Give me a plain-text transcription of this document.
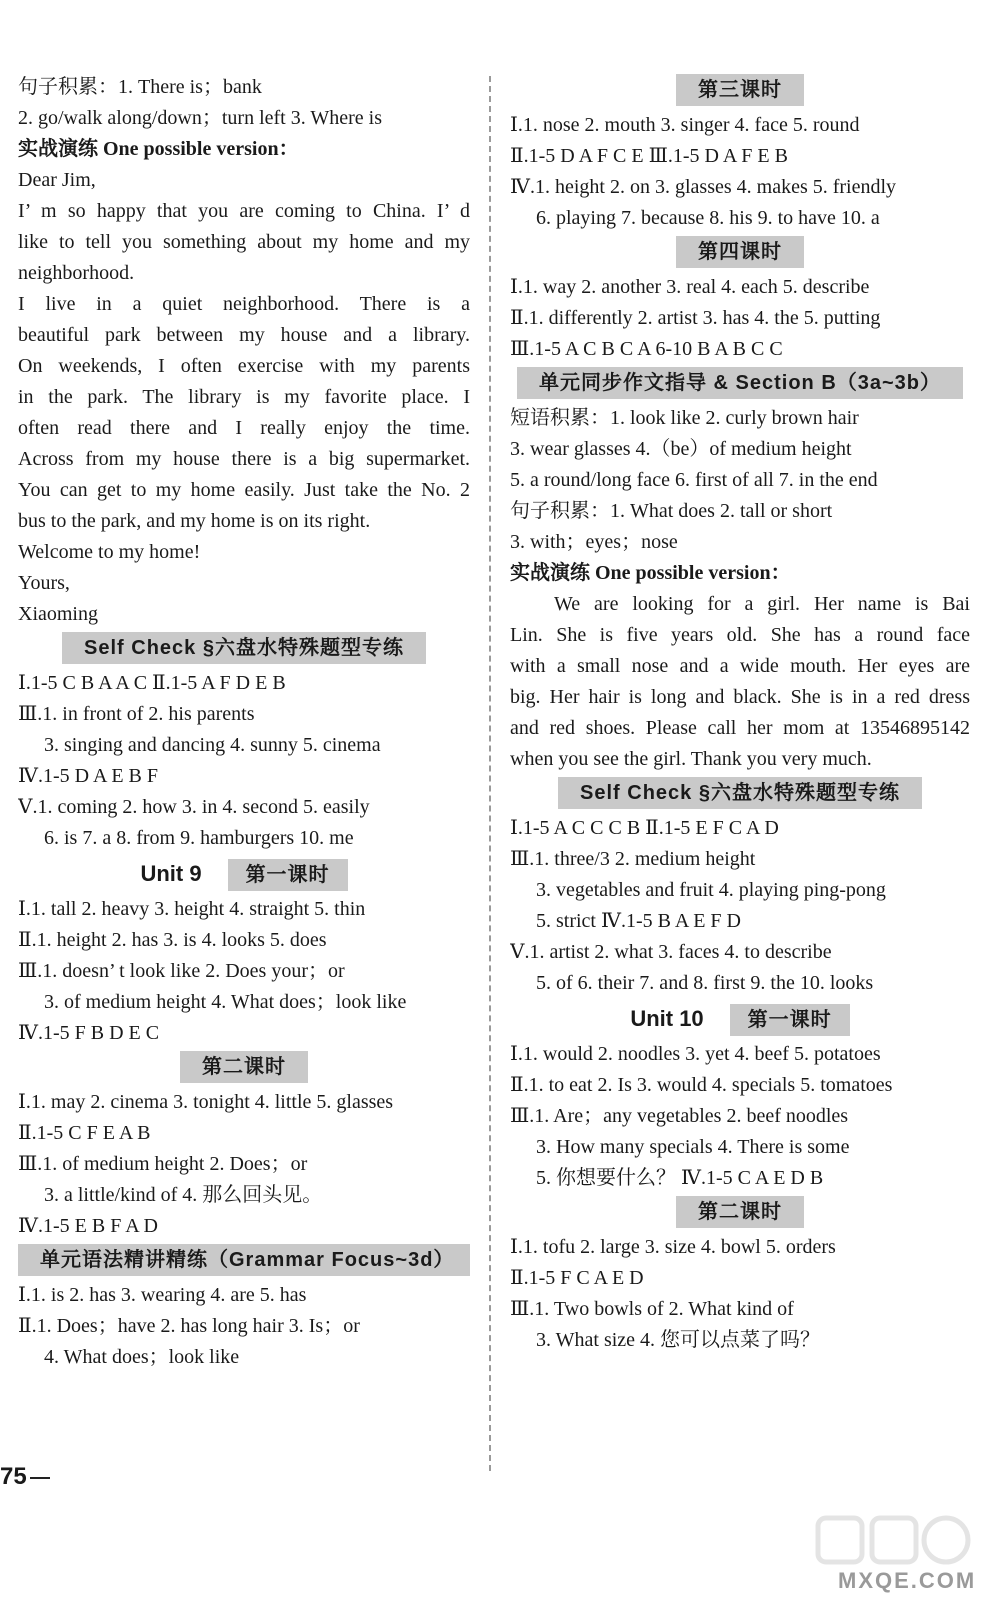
句子积累：1. There is；bank
2. go/walk along/down；turn left 3. Where is
实战演练 One possible version：
Dear Jim,
I’ m so happy that you are coming to China. I’ d
like to tell you something about my home and my
neighborhood.
I live in a quiet neighborhood. There is a
beautiful park between my house and a library.
On weekends, I often exercise with my parents
in the park. The library is my favorite place. I
often read there and I really enjoy the time.
Across from my house there is a big supermarket.
You can get to my home easily. Just take the No. 2
bus to the park, and my home is on its right.
Welcome to my home!
Yours,
Xiaoming
Self Check §六盘水特殊题型专练
Ⅰ.1-5 C B A A C Ⅱ.1-5 A F D E B
Ⅲ.1. in front of 2. his parents
3. singing and dancing 4. sunny 5. cinema
Ⅳ.1-5 D A E B F
Ⅴ.1. coming 2. how 3. in 4. second 5. easily
6. is 7. a 8. from 9. hamburgers 10. me
Unit 9 第一课时
Ⅰ.1. tall 2. heavy 3. height 4. straight 5. thin
Ⅱ.1. height 2. has 3. is 4. looks 5. does
Ⅲ.1. doesn’ t look like 2. Does your；or
3. of medium height 4. What does；look like
Ⅳ.1-5 F B D E C
第二课时
Ⅰ.1. may 2. cinema 3. tonight 4. little 5. glasses
Ⅱ.1-5 C F E A B
Ⅲ.1. of medium height 2. Does；or
3. a little/kind of 4. 那么回头见。
Ⅳ.1-5 E B F A D
单元语法精讲精练（Grammar Focus~3d）
Ⅰ.1. is 2. has 3. wearing 4. are 5. has
Ⅱ.1. Does；have 2. has long hair 3. Is；or
4. What does；look like
第三课时
Ⅰ.1. nose 2. mouth 3. singer 4. face 5. round
Ⅱ.1-5 D A F C E Ⅲ.1-5 D A F E B
Ⅳ.1. height 2. on 3. glasses 4. makes 5. friendly
6. playing 7. because 8. his 9. to have 10. a
第四课时
Ⅰ.1. way 2. another 3. real 4. each 5. describe
Ⅱ.1. differently 2. artist 3. has 4. the 5. putting
Ⅲ.1-5 A C B C A 6-10 B A B C C
单元同步作文指导 & Section B（3a~3b）
短语积累：1. look like 2. curly brown hair
3. wear glasses 4.（be）of medium height
5. a round/long face 6. first of all 7. in the end
句子积累：1. What does 2. tall or short
3. with；eyes；nose
实战演练 One possible version：
We are looking for a girl. Her name is Bai
Lin. She is five years old. She has a round face
with a small nose and a wide mouth. Her eyes are
big. Her hair is long and black. She is in a red dress
and red shoes. Please call her mom at 13546895142
when you see the girl. Thank you very much.
Self Check §六盘水特殊题型专练
Ⅰ.1-5 A C C C B Ⅱ.1-5 E F C A D
Ⅲ.1. three/3 2. medium height
3. vegetables and fruit 4. playing ping-pong
5. strict Ⅳ.1-5 B A E F D
Ⅴ.1. artist 2. what 3. faces 4. to describe
5. of 6. their 7. and 8. first 9. the 10. looks
Unit 10 第一课时
Ⅰ.1. would 2. noodles 3. yet 4. beef 5. potatoes
Ⅱ.1. to eat 2. Is 3. would 4. specials 5. tomatoes
Ⅲ.1. Are；any vegetables 2. beef noodles
3. How many specials 4. There is some
5. 你想要什么？ Ⅳ.1-5 C A E D B
第二课时
Ⅰ.1. tofu 2. large 3. size 4. bowl 5. orders
Ⅱ.1-5 F C A E D
Ⅲ.1. Two bowls of 2. What kind of
3. What size 4. 您可以点菜了吗？
75
MXQE.COM
